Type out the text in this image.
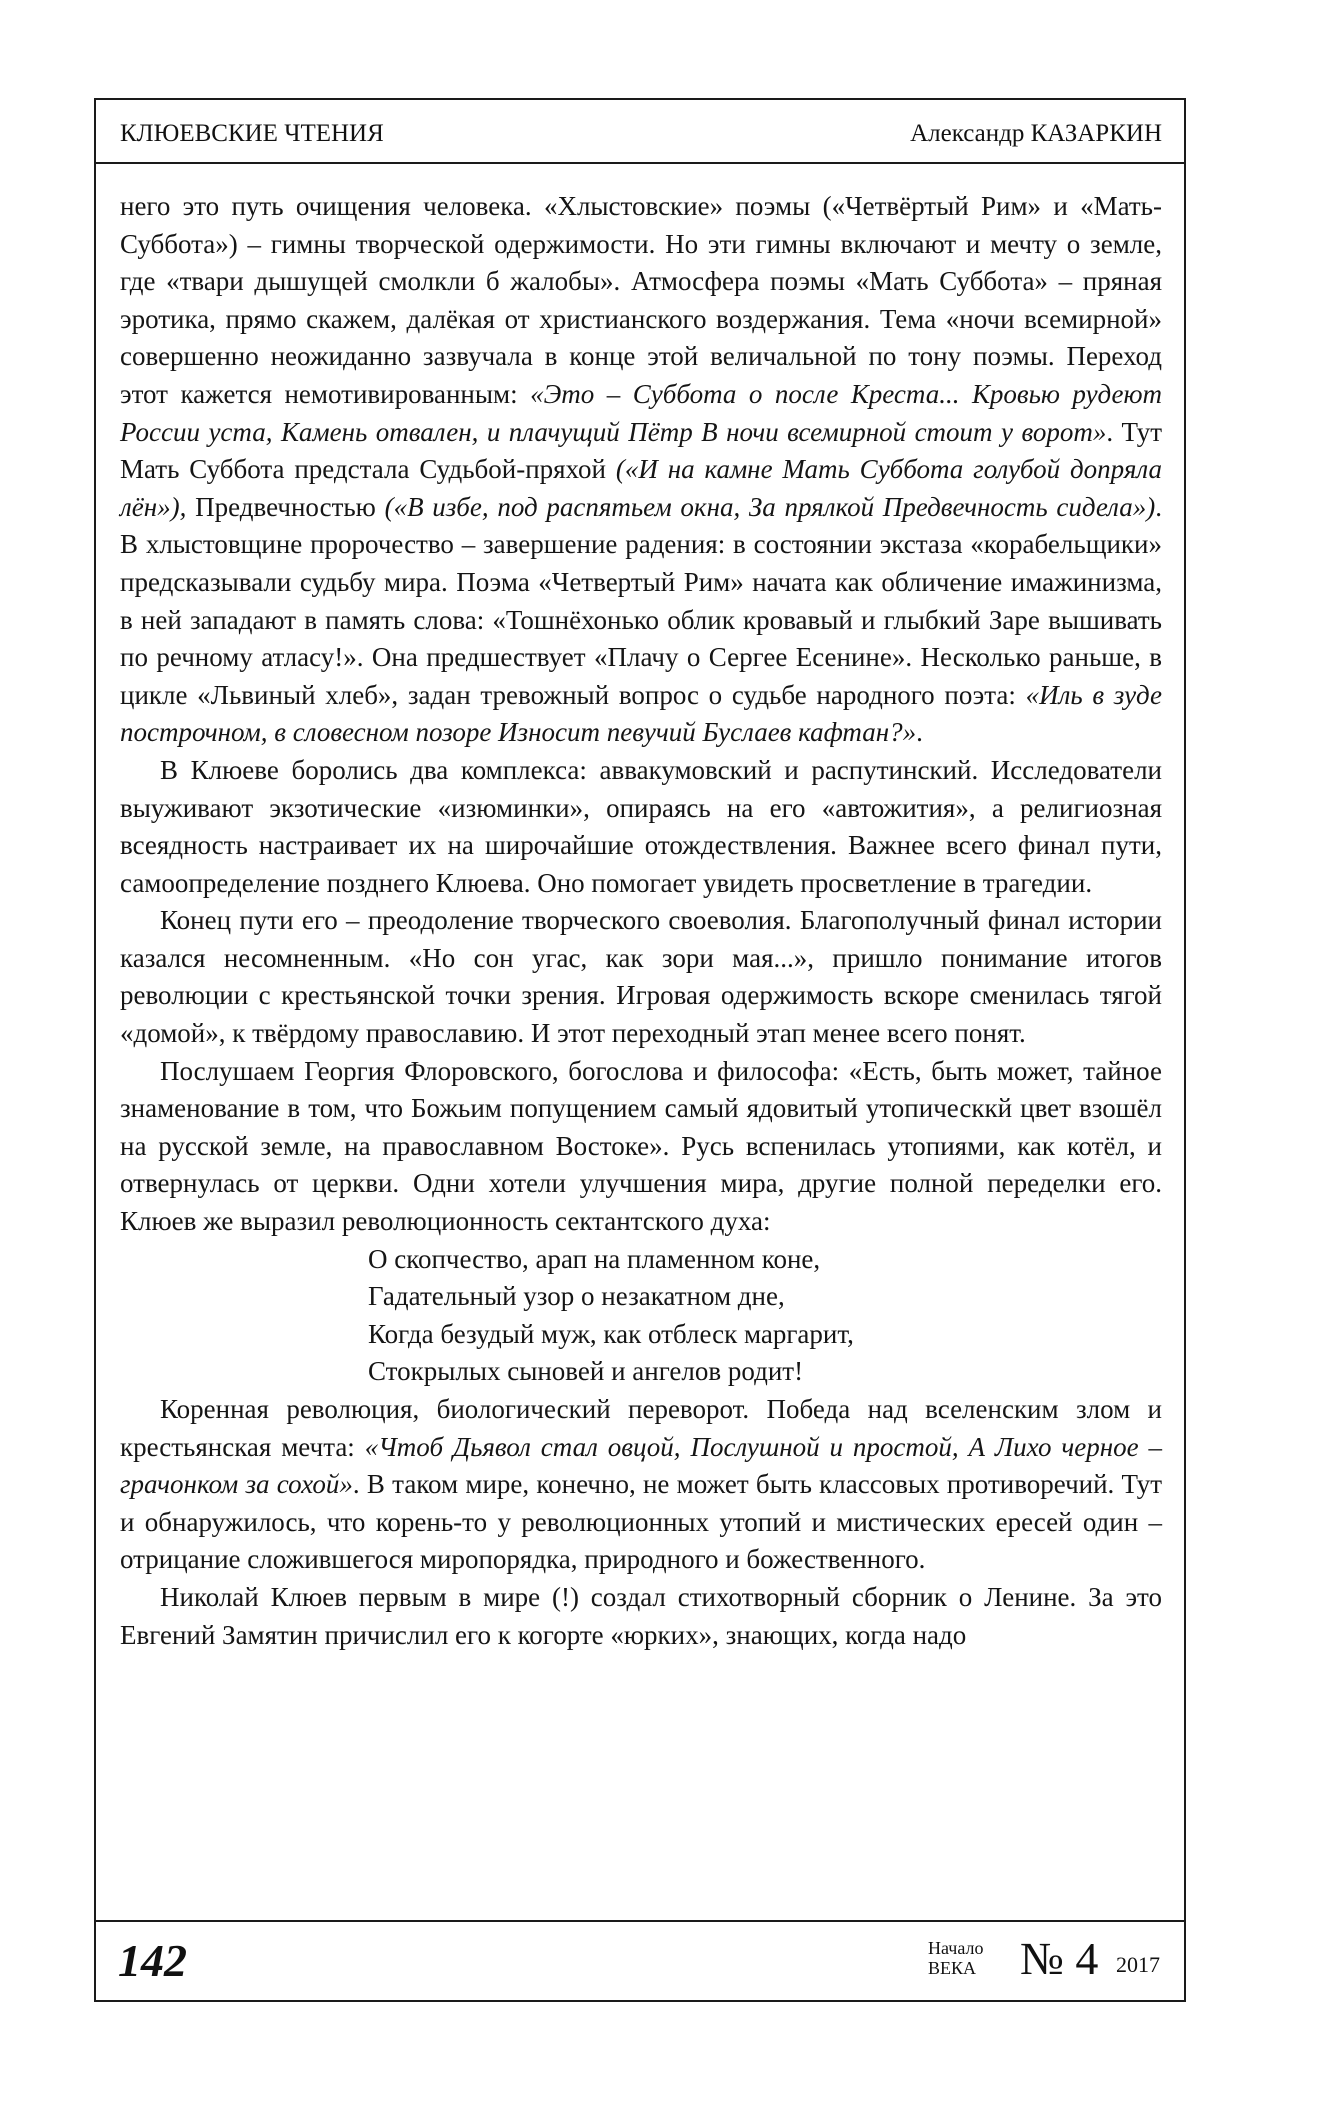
КЛЮЕВСКИЕ ЧТЕНИЯ	Александр КАЗАРКИН

него это путь очищения человека. «Хлыстовские» поэмы («Четвёртый Рим» и «Мать-Суббота») – гимны творческой одержимости. Но эти гимны включают и мечту о земле, где «твари дышущей смолкли б жалобы». Атмосфера поэмы «Мать Суббота» – пряная эротика, прямо скажем, далёкая от христианского воздержания. Тема «ночи всемирной» совершенно неожиданно зазвучала в конце этой величальной по тону поэмы. Переход этот кажется немотивированным: «Это – Суббота о после Креста... Кровью рудеют России уста, Камень отвален, и плачущий Пётр В ночи всемирной стоит у ворот». Тут Мать Суббота предстала Судьбой-пряхой («И на камне Мать Суббота голубой допряла лён»), Предвечностью («В избе, под распятьем окна, За прялкой Предвечность сидела»). В хлыстовщине пророчество – завершение радения: в состоянии экстаза «корабельщики» предсказывали судьбу мира. Поэма «Четвертый Рим» начата как обличение имажинизма, в ней западают в память слова: «Тошнёхонько облик кровавый и глыбкий Заре вышивать по речному атласу!». Она предшествует «Плачу о Сергее Есенине». Несколько раньше, в цикле «Львиный хлеб», задан тревожный вопрос о судьбе народного поэта: «Иль в зуде построчном, в словесном позоре Износит певучий Буслаев кафтан?».

В Клюеве боролись два комплекса: аввакумовский и распутинский. Исследователи выуживают экзотические «изюминки», опираясь на его «автожития», а религиозная всеядность настраивает их на широчайшие отождествления. Важнее всего финал пути, самоопределение позднего Клюева. Оно помогает увидеть просветление в трагедии.

Конец пути его – преодоление творческого своеволия. Благополучный финал истории казался несомненным. «Но сон угас, как зори мая...», пришло понимание итогов революции с крестьянской точки зрения. Игровая одержимость вскоре сменилась тягой «домой», к твёрдому православию. И этот переходный этап менее всего понят.

Послушаем Георгия Флоровского, богослова и философа: «Есть, быть может, тайное знаменование в том, что Божьим попущением самый ядовитый утопическкй цвет взошёл на русской земле, на православном Востоке». Русь вспенилась утопиями, как котёл, и отвернулась от церкви. Одни хотели улучшения мира, другие полной переделки его. Клюев же выразил революционность сектантского духа:

О скопчество, арап на пламенном коне,
Гадательный узор о незакатном дне,
Когда безудый муж, как отблеск маргарит,
Стокрылых сыновей и ангелов родит!

Коренная революция, биологический переворот. Победа над вселенским злом и крестьянская мечта: «Чтоб Дьявол стал овцой, Послушной и простой, А Лихо черное – грачонком за сохой». В таком мире, конечно, не может быть классовых противоречий. Тут и обнаружилось, что корень-то у революционных утопий и мистических ересей один – отрицание сложившегося миропорядка, природного и божественного.

Николай Клюев первым в мире (!) создал стихотворный сборник о Ленине. За это Евгений Замятин причислил его к когорте «юрких», знающих, когда надо

142	Начало
ВЕКА № 4 2017
